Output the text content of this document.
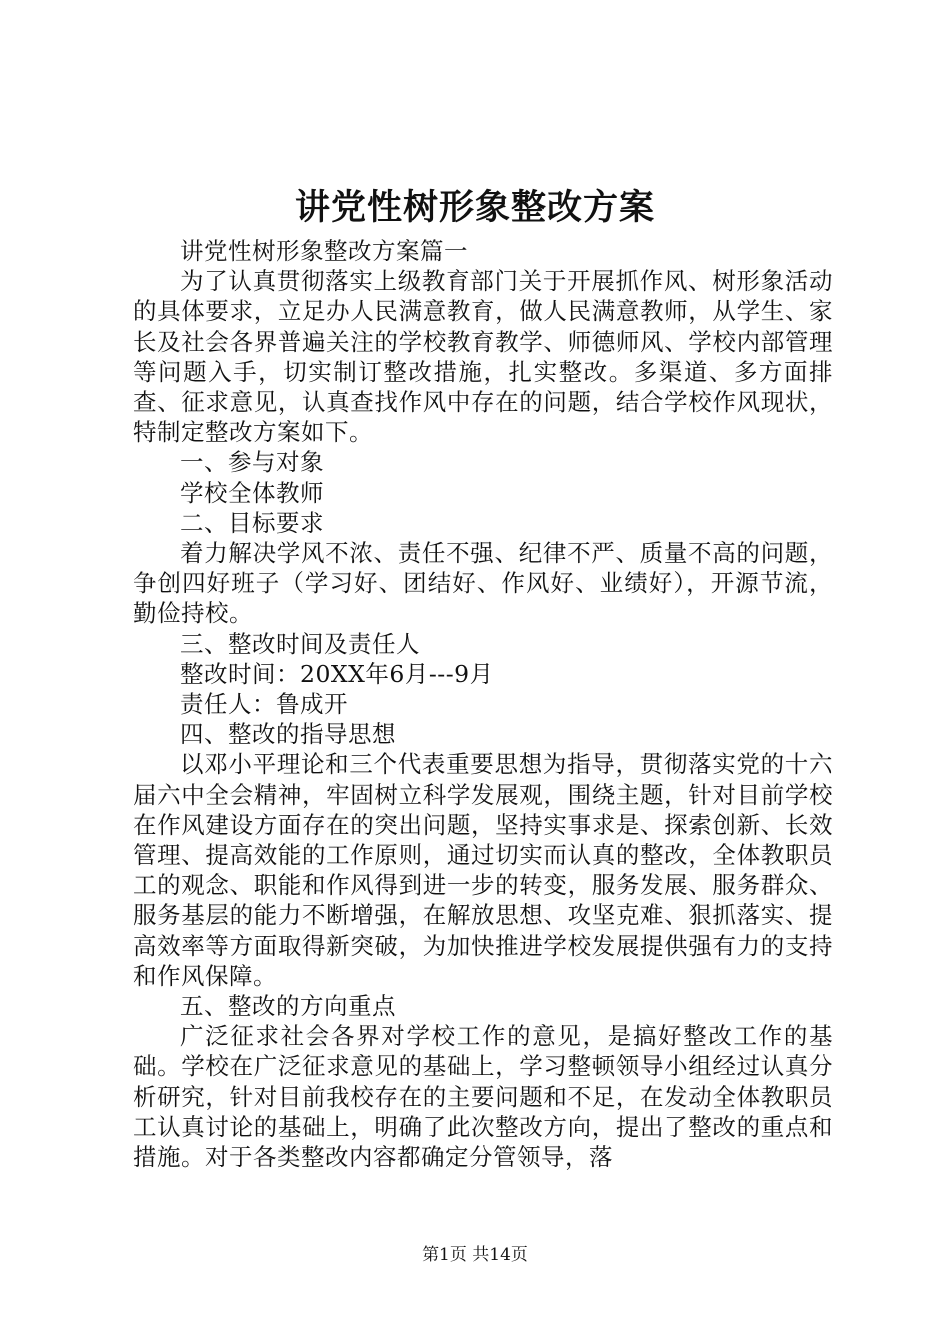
讲党性树形象整改方案

讲党性树形象整改方案篇一

为了认真贯彻落实上级教育部门关于开展抓作风、树形象活动的具体要求，立足办人民满意教育，做人民满意教师，从学生、家长及社会各界普遍关注的学校教育教学、师德师风、学校内部管理等问题入手，切实制订整改措施，扎实整改。多渠道、多方面排查、征求意见，认真查找作风中存在的问题，结合学校作风现状，特制定整改方案如下。

一、参与对象

学校全体教师

二、目标要求

着力解决学风不浓、责任不强、纪律不严、质量不高的问题，争创四好班子（学习好、团结好、作风好、业绩好），开源节流，勤俭持校。

三、整改时间及责任人

整改时间：20XX年6月---9月

责任人：鲁成开

四、整改的指导思想

以邓小平理论和三个代表重要思想为指导，贯彻落实党的十六届六中全会精神，牢固树立科学发展观，围绕主题，针对目前学校在作风建设方面存在的突出问题，坚持实事求是、探索创新、长效管理、提高效能的工作原则，通过切实而认真的整改，全体教职员工的观念、职能和作风得到进一步的转变，服务发展、服务群众、服务基层的能力不断增强，在解放思想、攻坚克难、狠抓落实、提高效率等方面取得新突破，为加快推进学校发展提供强有力的支持和作风保障。

五、整改的方向重点

广泛征求社会各界对学校工作的意见，是搞好整改工作的基础。学校在广泛征求意见的基础上，学习整顿领导小组经过认真分析研究，针对目前我校存在的主要问题和不足，在发动全体教职员工认真讨论的基础上，明确了此次整改方向，提出了整改的重点和措施。对于各类整改内容都确定分管领导，落

第1页 共14页
